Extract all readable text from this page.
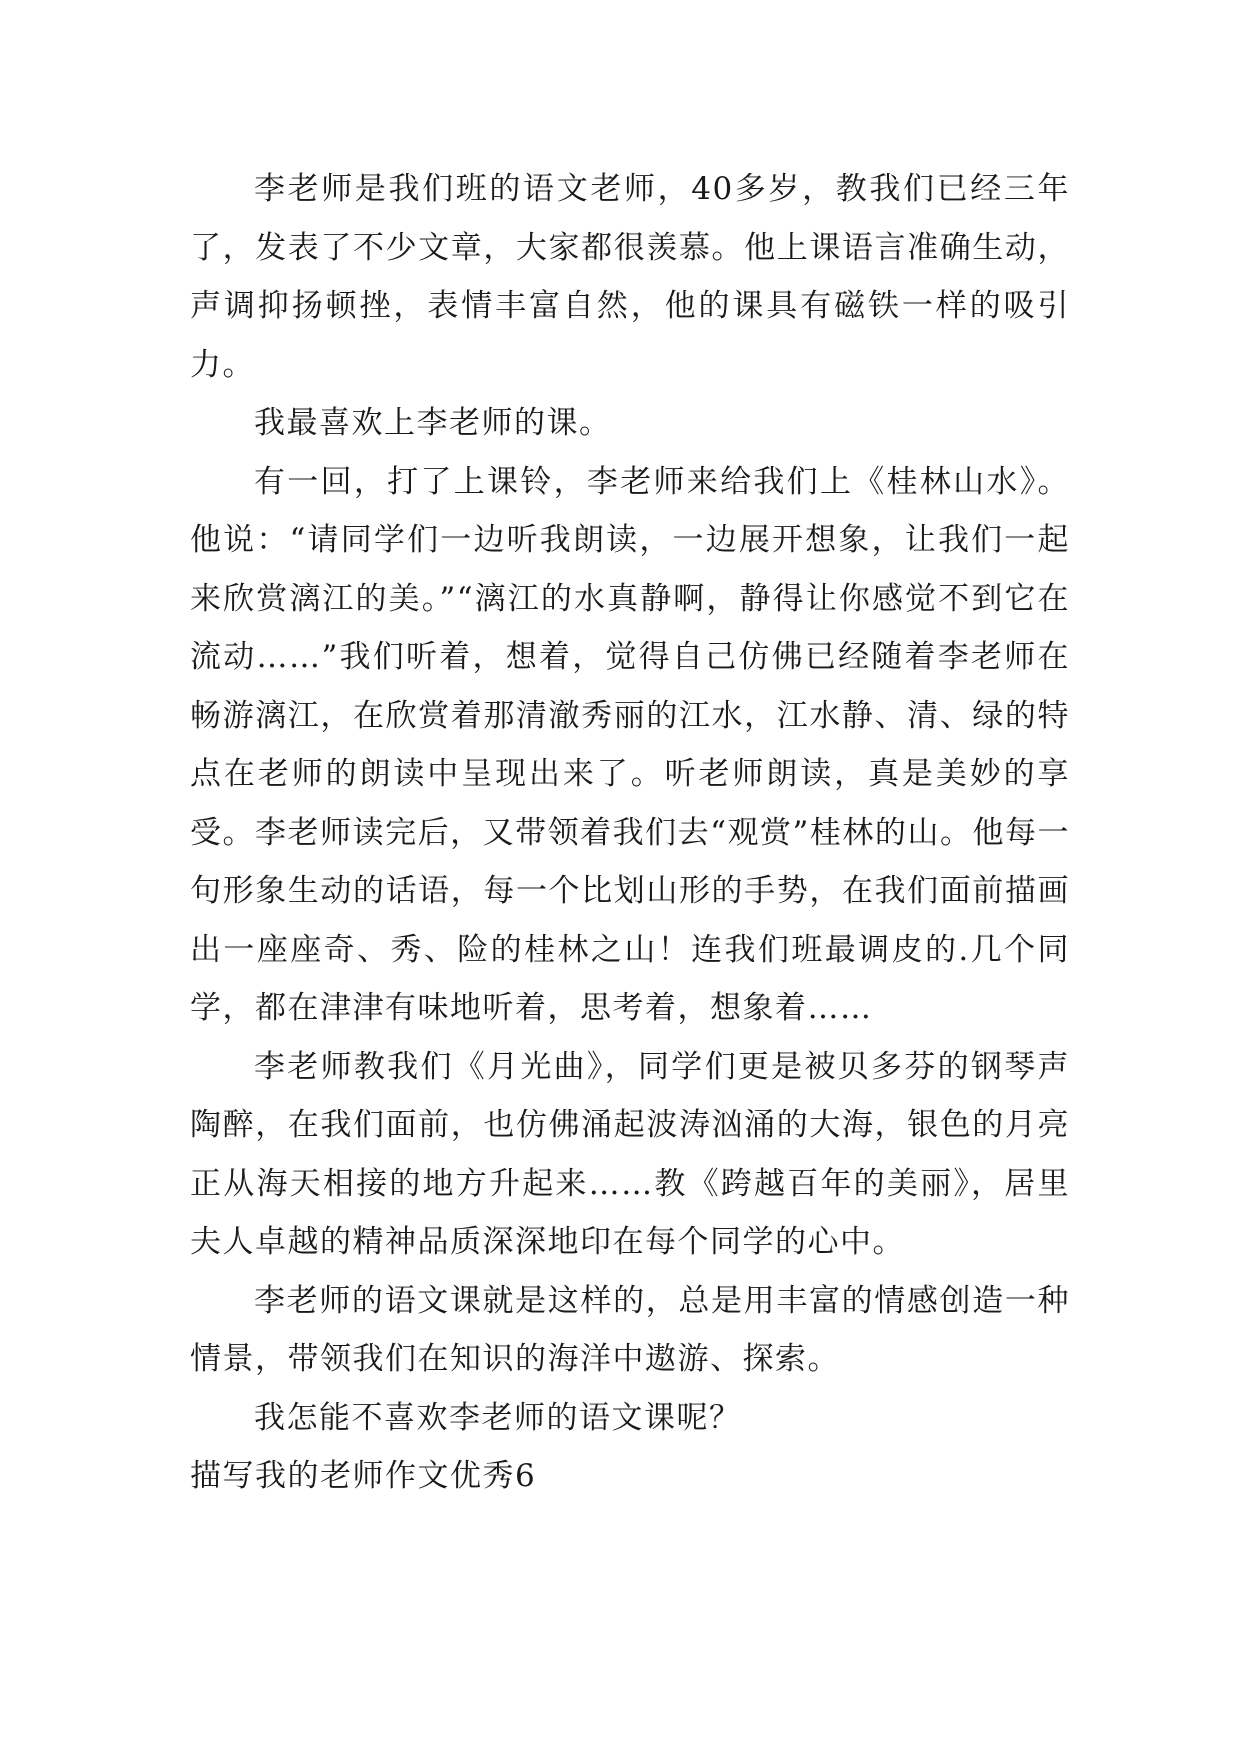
李老师是我们班的语文老师，40多岁，教我们已经三年了，发表了不少文章，大家都很羡慕。他上课语言准确生动，声调抑扬顿挫，表情丰富自然，他的课具有磁铁一样的吸引力。

我最喜欢上李老师的课。

有一回，打了上课铃，李老师来给我们上《桂林山水》。他说：“请同学们一边听我朗读，一边展开想象，让我们一起来欣赏漓江的美。”“漓江的水真静啊，静得让你感觉不到它在流动……”我们听着，想着，觉得自己仿佛已经随着李老师在畅游漓江，在欣赏着那清澈秀丽的江水，江水静、清、绿的特点在老师的朗读中呈现出来了。听老师朗读，真是美妙的享受。李老师读完后，又带领着我们去“观赏”桂林的山。他每一句形象生动的话语，每一个比划山形的手势，在我们面前描画出一座座奇、秀、险的桂林之山！连我们班最调皮的.几个同学，都在津津有味地听着，思考着，想象着……

李老师教我们《月光曲》，同学们更是被贝多芬的钢琴声陶醉，在我们面前，也仿佛涌起波涛汹涌的大海，银色的月亮正从海天相接的地方升起来……教《跨越百年的美丽》，居里夫人卓越的精神品质深深地印在每个同学的心中。

李老师的语文课就是这样的，总是用丰富的情感创造一种情景，带领我们在知识的海洋中遨游、探索。

我怎能不喜欢李老师的语文课呢？

描写我的老师作文优秀6
